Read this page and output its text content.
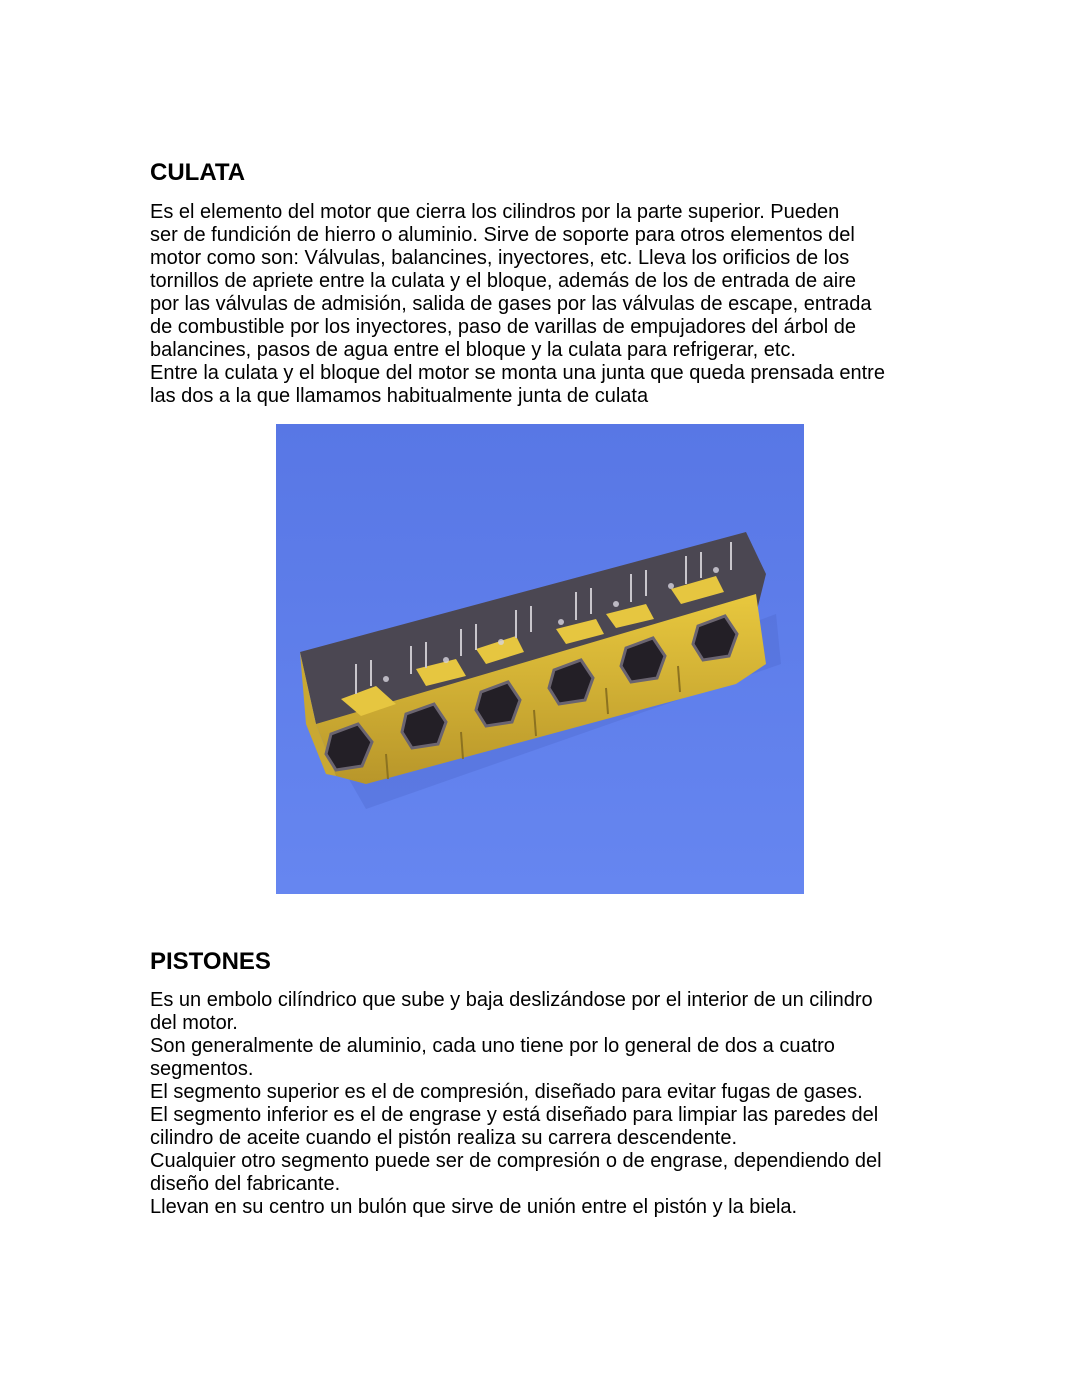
CULATA

Es el elemento del motor que cierra los cilindros por la parte superior. Pueden
ser de fundición de hierro o aluminio. Sirve de soporte para otros elementos del
motor como son: Válvulas, balancines, inyectores, etc. Lleva los orificios de los
tornillos de apriete entre la culata y el bloque, además de los de entrada de aire
por las válvulas de admisión, salida de gases por las válvulas de escape, entrada
de combustible por los inyectores, paso de varillas de empujadores del árbol de
balancines, pasos de agua entre el bloque y la culata para refrigerar, etc.
Entre la culata y el bloque del motor se monta una junta que queda prensada entre
las dos a la que llamamos habitualmente junta de culata

PISTONES

Es un embolo cilíndrico que sube y baja deslizándose por el interior de un cilindro
del motor.
Son generalmente de aluminio, cada uno tiene por lo general de dos a cuatro
segmentos.
El segmento superior es el de compresión, diseñado para evitar fugas de gases.
El segmento inferior es el de engrase y está diseñado para limpiar las paredes del
cilindro de aceite cuando el pistón realiza su carrera descendente.
Cualquier otro segmento puede ser de compresión o de engrase, dependiendo del
diseño del fabricante.
Llevan en su centro un bulón que sirve de unión entre el pistón y la biela.
